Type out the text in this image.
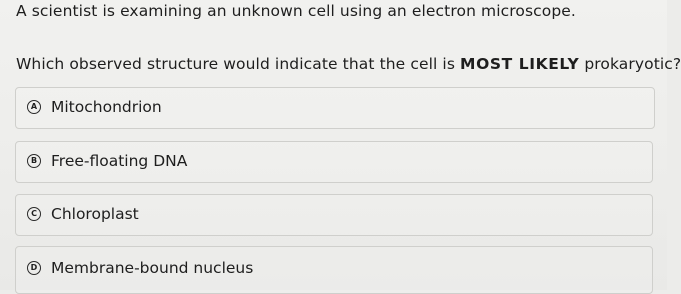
A scientist is examining an unknown cell using an electron microscope.
Which observed structure would indicate that the cell is MOST LIKELY prokaryotic?
A Mitochondrion
B Free-floating DNA
C Chloroplast
D Membrane-bound nucleus
